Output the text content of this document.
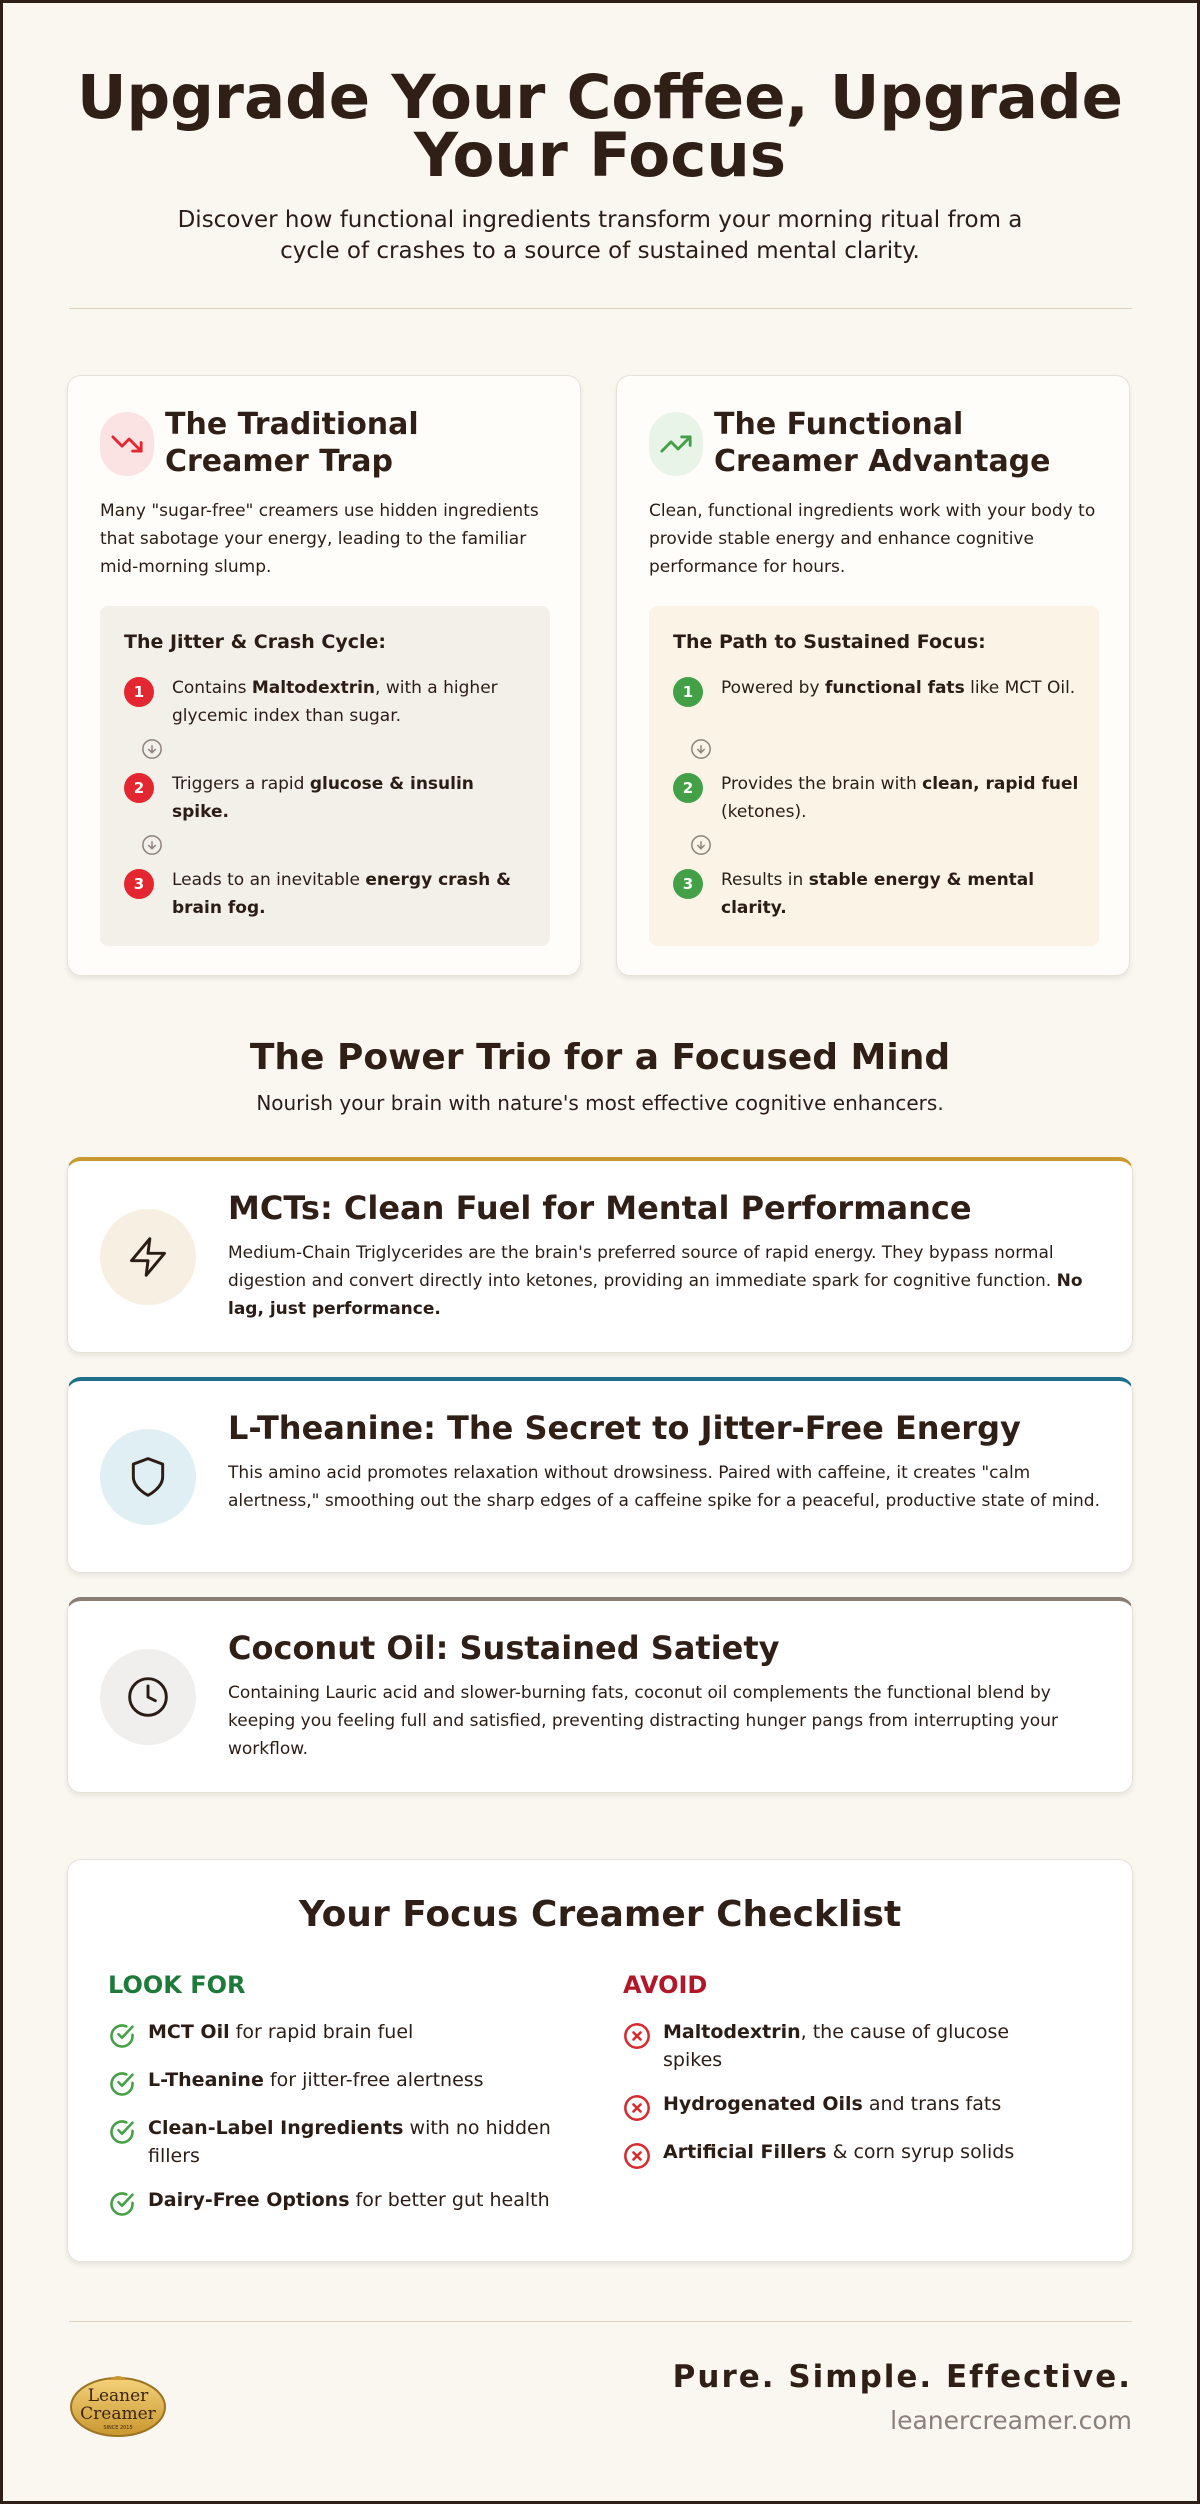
Upgrade Your Coffee, Upgrade Your Focus

Discover how functional ingredients transform your morning ritual from a cycle of crashes to a source of sustained mental clarity.

The Traditional Creamer Trap
Many "sugar-free" creamers use hidden ingredients that sabotage your energy, leading to the familiar mid-morning slump.
The Jitter & Crash Cycle:
1	Contains Maltodextrin, with a higher glycemic index than sugar.
2	Triggers a rapid glucose & insulin spike.
3	Leads to an inevitable energy crash & brain fog.
The Functional Creamer Advantage
Clean, functional ingredients work with your body to provide stable energy and enhance cognitive performance for hours.
The Path to Sustained Focus:
1	Powered by functional fats like MCT Oil.
2	Provides the brain with clean, rapid fuel (ketones).
3	Results in stable energy & mental clarity.
The Power Trio for a Focused Mind
Nourish your brain with nature's most effective cognitive enhancers.
MCTs: Clean Fuel for Mental Performance
Medium-Chain Triglycerides are the brain's preferred source of rapid energy. They bypass normal digestion and convert directly into ketones, providing an immediate spark for cognitive function. No lag, just performance.
L-Theanine: The Secret to Jitter-Free Energy
This amino acid promotes relaxation without drowsiness. Paired with caffeine, it creates "calm alertness," smoothing out the sharp edges of a caffeine spike for a peaceful, productive state of mind.
Coconut Oil: Sustained Satiety
Containing Lauric acid and slower-burning fats, coconut oil complements the functional blend by keeping you feeling full and satisfied, preventing distracting hunger pangs from interrupting your workflow.
Your Focus Creamer Checklist
LOOK FOR
MCT Oil for rapid brain fuel
L-Theanine for jitter-free alertness
Clean-Label Ingredients with no hidden fillers
Dairy-Free Options for better gut health
AVOID
Maltodextrin, the cause of glucose spikes
Hydrogenated Oils and trans fats
Artificial Fillers & corn syrup solids
Leaner
Creamer
SINCE 2015
Pure. Simple. Effective.
leanercreamer.com
